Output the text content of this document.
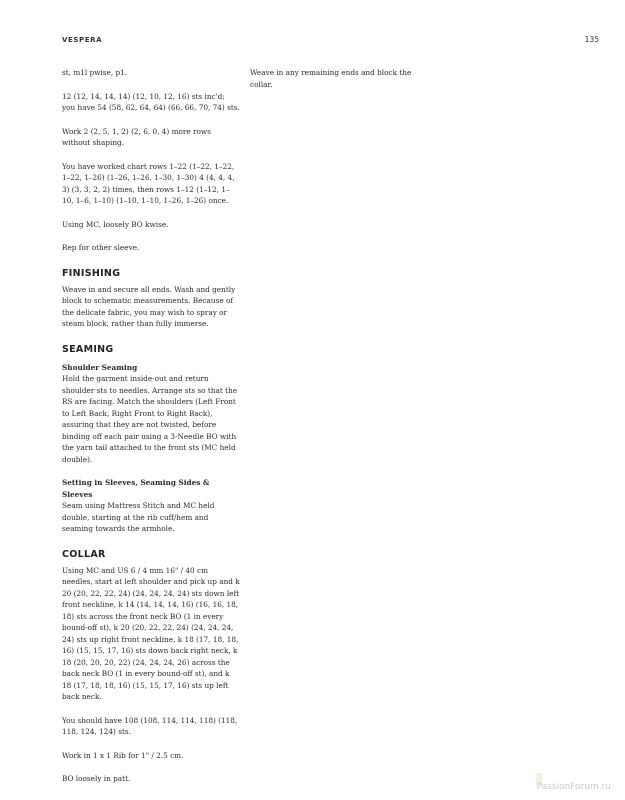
VESPERA	135

st, m1l pwise, p1.

12 (12, 14, 14, 14) (12, 10, 12, 16) sts inc'd; you have 54 (58, 62, 64, 64) (66, 66, 70, 74) sts.

Work 2 (2, 5, 1, 2) (2, 6, 0, 4) more rows without shaping.

You have worked chart rows 1–22 (1–22, 1–22, 1–22, 1–26) (1–26, 1–26, 1–30, 1–30) 4 (4, 4, 4, 3) (3, 3, 2, 2) times, then rows 1–12 (1–12, 1–10, 1–6, 1–10) (1–10, 1–10, 1–26, 1–26) once.

Using MC, loosely BO kwise.

Rep for other sleeve.

FINISHING

Weave in and secure all ends. Wash and gently block to schematic measurements. Because of the delicate fabric, you may wish to spray or steam block, rather than fully immerse.

SEAMING

Shoulder Seaming

Hold the garment inside-out and return shoulder sts to needles. Arrange sts so that the RS are facing. Match the shoulders (Left Front to Left Back, Right Front to Right Back), assuring that they are not twisted, before binding off each pair using a 3-Needle BO with the yarn tail attached to the front sts (MC held double).

Setting in Sleeves, Seaming Sides & Sleeves

Seam using Mattress Stitch and MC held double, starting at the rib cuff/hem and seaming towards the armhole.

COLLAR

Using MC and US 6 / 4 mm 16" / 40 cm needles, start at left shoulder and pick up and k 20 (20, 22, 22, 24) (24, 24, 24, 24) sts down left front neckline, k 14 (14, 14, 14, 16) (16, 16, 18, 18) sts across the front neck BO (1 in every bound-off st), k 20 (20, 22, 22, 24) (24, 24, 24, 24) sts up right front neckline, k 18 (17, 18, 18, 16) (15, 15, 17, 16) sts down back right neck, k 18 (20, 20, 20, 22) (24, 24, 24, 26) across the back neck BO (1 in every bound-off st), and k 18 (17, 18, 18, 16) (15, 15, 17, 16) sts up left back neck.

You should have 108 (108, 114, 114, 118) (118, 118, 124, 124) sts.

Work in 1 x 1 Rib for 1" / 2.5 cm.

BO loosely in patt.

Weave in any remaining ends and block the collar.

PassionForum.ru
